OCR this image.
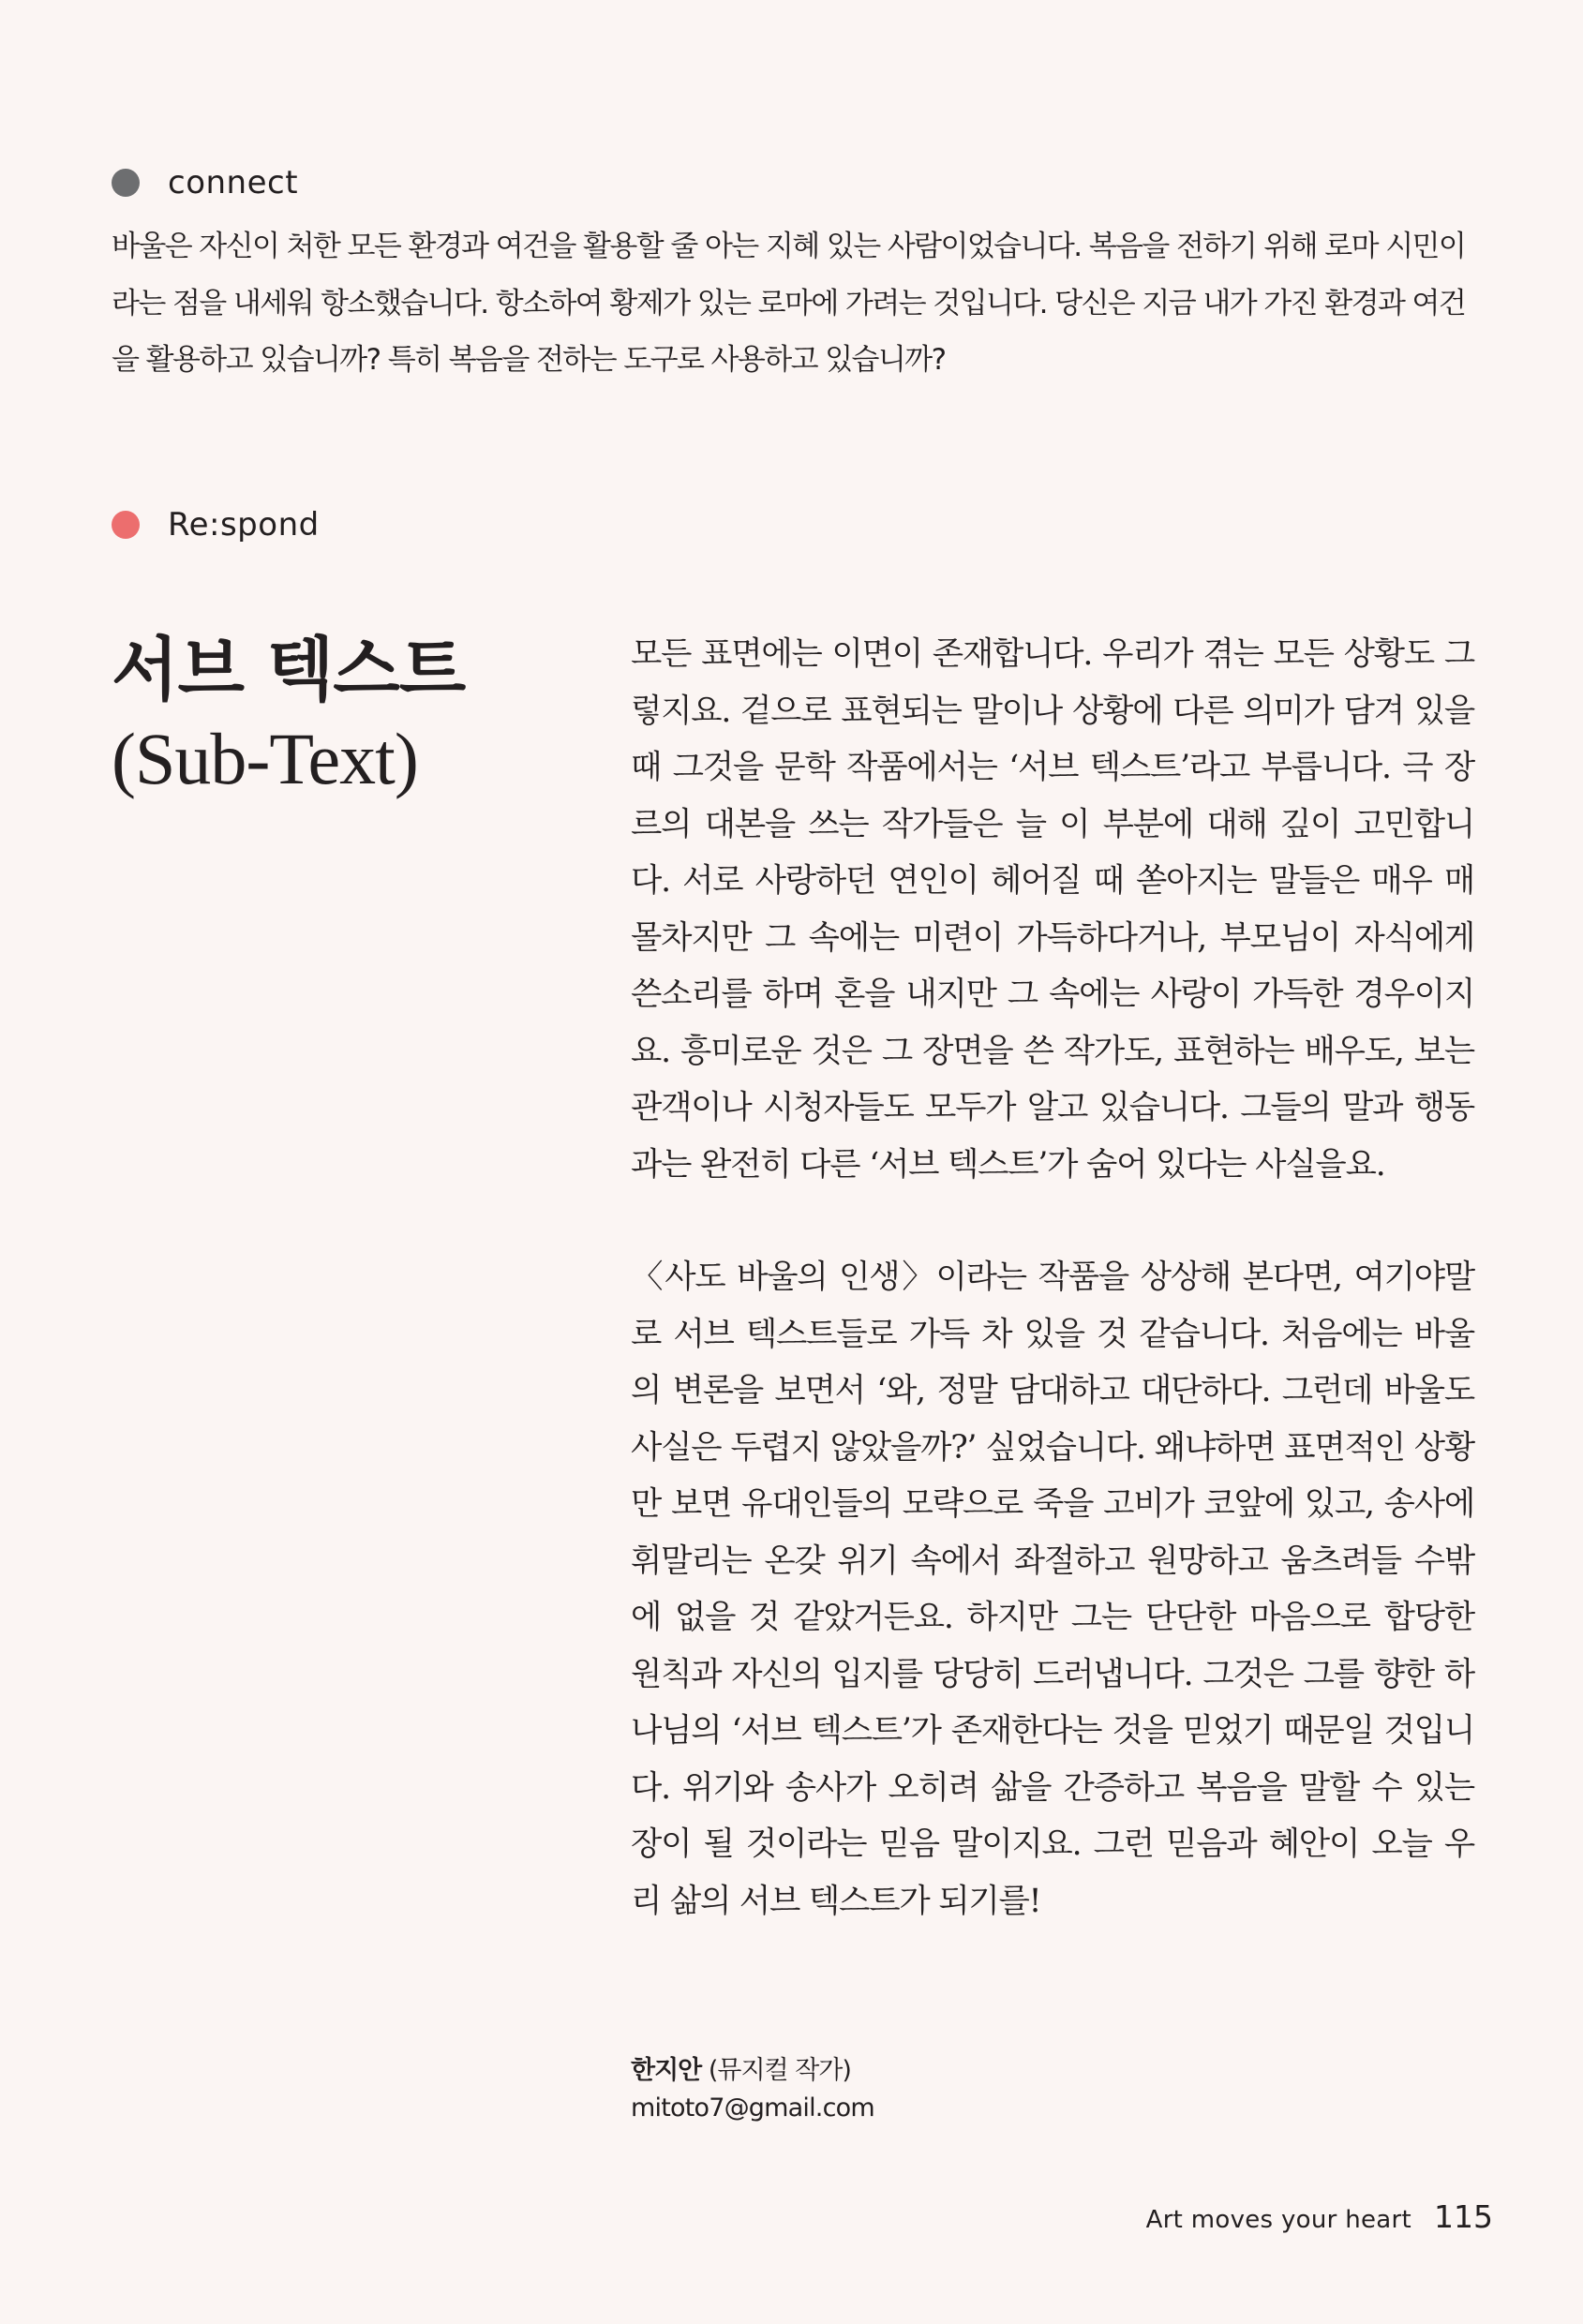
connect

바울은 자신이 처한 모든 환경과 여건을 활용할 줄 아는 지혜 있는 사람이었습니다. 복음을 전하기 위해 로마 시민이라는 점을 내세워 항소했습니다. 항소하여 황제가 있는 로마에 가려는 것입니다. 당신은 지금 내가 가진 환경과 여건을 활용하고 있습니까? 특히 복음을 전하는 도구로 사용하고 있습니까?

Re:spond
서브 텍스트
(Sub-Text)

모든 표면에는 이면이 존재합니다. 우리가 겪는 모든 상황도 그렇지요. 겉으로 표현되는 말이나 상황에 다른 의미가 담겨 있을 때 그것을 문학 작품에서는 ‘서브 텍스트’라고 부릅니다. 극 장르의 대본을 쓰는 작가들은 늘 이 부분에 대해 깊이 고민합니다. 서로 사랑하던 연인이 헤어질 때 쏟아지는 말들은 매우 매몰차지만 그 속에는 미련이 가득하다거나, 부모님이 자식에게 쓴소리를 하며 혼을 내지만 그 속에는 사랑이 가득한 경우이지요. 흥미로운 것은 그 장면을 쓴 작가도, 표현하는 배우도, 보는 관객이나 시청자들도 모두가 알고 있습니다. 그들의 말과 행동과는 완전히 다른 ‘서브 텍스트’가 숨어 있다는 사실을요.

〈사도 바울의 인생〉이라는 작품을 상상해 본다면, 여기야말로 서브 텍스트들로 가득 차 있을 것 같습니다. 처음에는 바울의 변론을 보면서 ‘와, 정말 담대하고 대단하다. 그런데 바울도 사실은 두렵지 않았을까?’ 싶었습니다. 왜냐하면 표면적인 상황만 보면 유대인들의 모략으로 죽을 고비가 코앞에 있고, 송사에 휘말리는 온갖 위기 속에서 좌절하고 원망하고 움츠려들 수밖에 없을 것 같았거든요. 하지만 그는 단단한 마음으로 합당한 원칙과 자신의 입지를 당당히 드러냅니다. 그것은 그를 향한 하나님의 ‘서브 텍스트’가 존재한다는 것을 믿었기 때문일 것입니다. 위기와 송사가 오히려 삶을 간증하고 복음을 말할 수 있는 장이 될 것이라는 믿음 말이지요. 그런 믿음과 혜안이 오늘 우리 삶의 서브 텍스트가 되기를!

한지안 (뮤지컬 작가)
mitoto7@gmail.com
Art moves your heart 115
